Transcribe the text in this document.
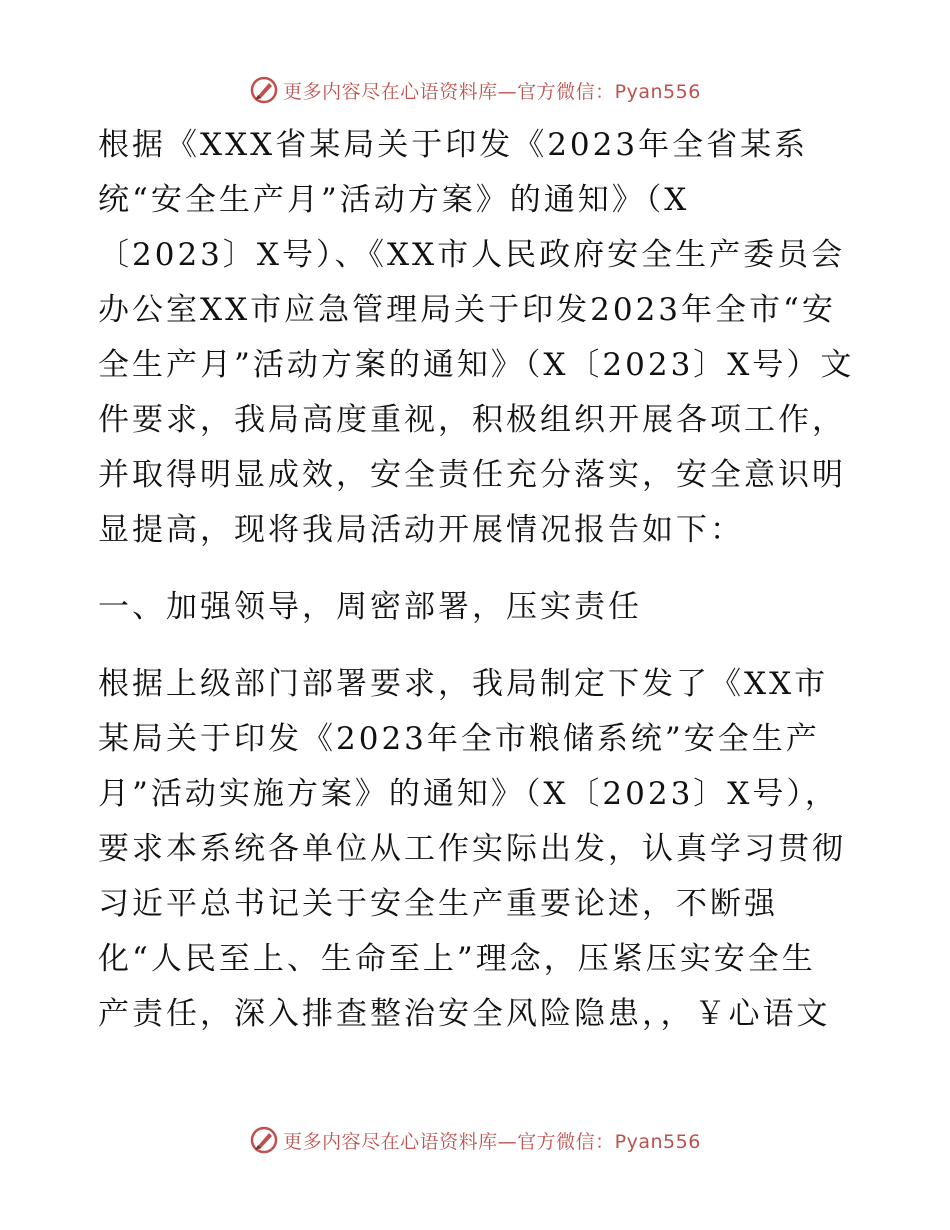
更多内容尽在心语资料库—官方微信：Pyan556
根据《XXX省某局关于印发《2023年全省某系
统“安全生产月”活动方案》的通知》（X
〔2023〕X号）、《XX市人民政府安全生产委员会
办公室XX市应急管理局关于印发2023年全市“安
全生产月”活动方案的通知》（X〔2023〕X号）文
件要求，我局高度重视，积极组织开展各项工作，
并取得明显成效，安全责任充分落实，安全意识明
显提高，现将我局活动开展情况报告如下：
一、加强领导，周密部署，压实责任
根据上级部门部署要求，我局制定下发了《XX市
某局关于印发《2023年全市粮储系统”安全生产
月”活动实施方案》的通知》（X〔2023〕X号），
要求本系统各单位从工作实际出发，认真学习贯彻
习近平总书记关于安全生产重要论述，不断强
化“人民至上、生命至上”理念，压紧压实安全生
产责任，深入排查整治安全风险隐患，，￥心语文
更多内容尽在心语资料库—官方微信：Pyan556
